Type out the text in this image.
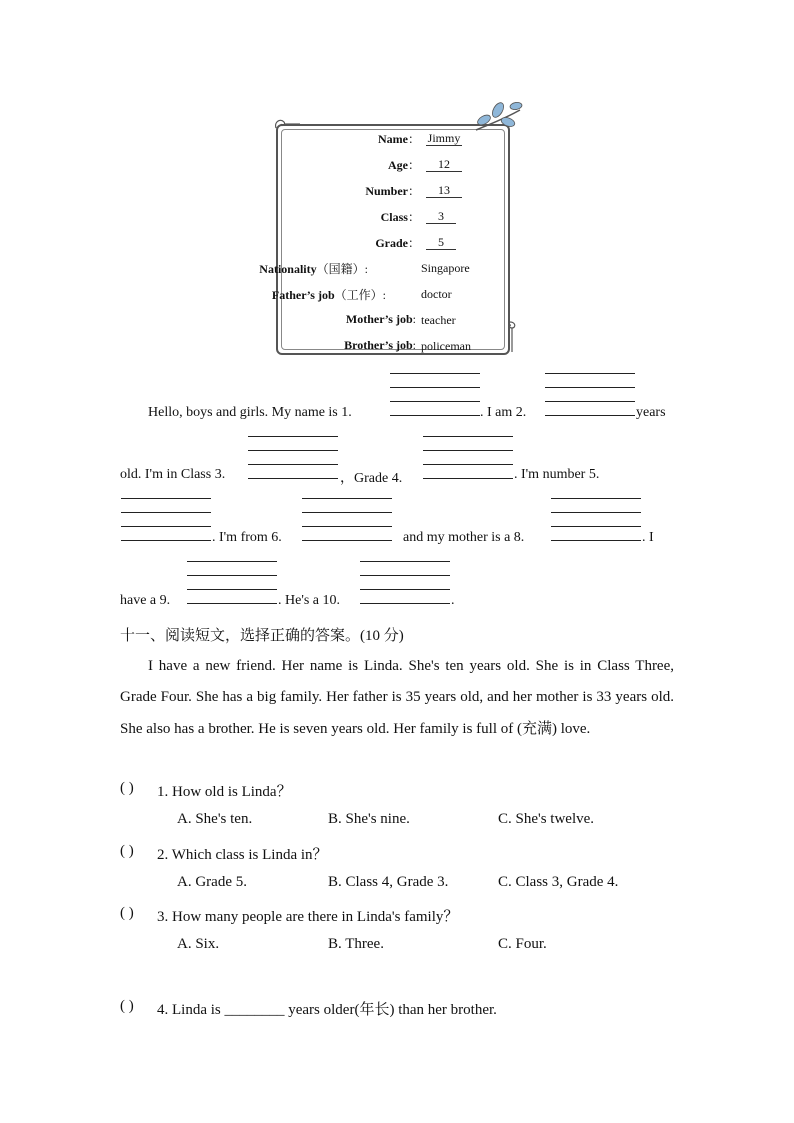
Name： Jimmy
Age：	12
Number：	13
Class：	3
Grade：	5
Nationality（国籍）:	Singapore
Father’s job（工作）:	doctor
Mother’s job: teacher
Brother’s job: policeman
Hello, boys and girls. My name is 1.	. I am 2.	years
old. I'm in Class 3.	，Grade 4.	. I'm number 5.
. I'm from 6.	and my mother is a 8.	. I
have a 9.	. He's a 10.	.
十一、阅读短文，选择正确的答案。(10 分)
I have a new friend. Her name is Linda. She's ten years old. She is in Class Three, Grade Four. She has a big family. Her father is 35 years old, and her mother is 33 years old. She also has a brother. He is seven years old. Her family is full of (充满) love.
( ) 1. How old is Linda？
A. She's ten.	B. She's nine.	C. She's twelve.
( ) 2. Which class is Linda in？
A. Grade 5.	B. Class 4, Grade 3.	C. Class 3, Grade 4.
( ) 3. How many people are there in Linda's family？
A. Six.	B. Three.	C. Four.
( ) 4. Linda is ________ years older(年长) than her brother.
